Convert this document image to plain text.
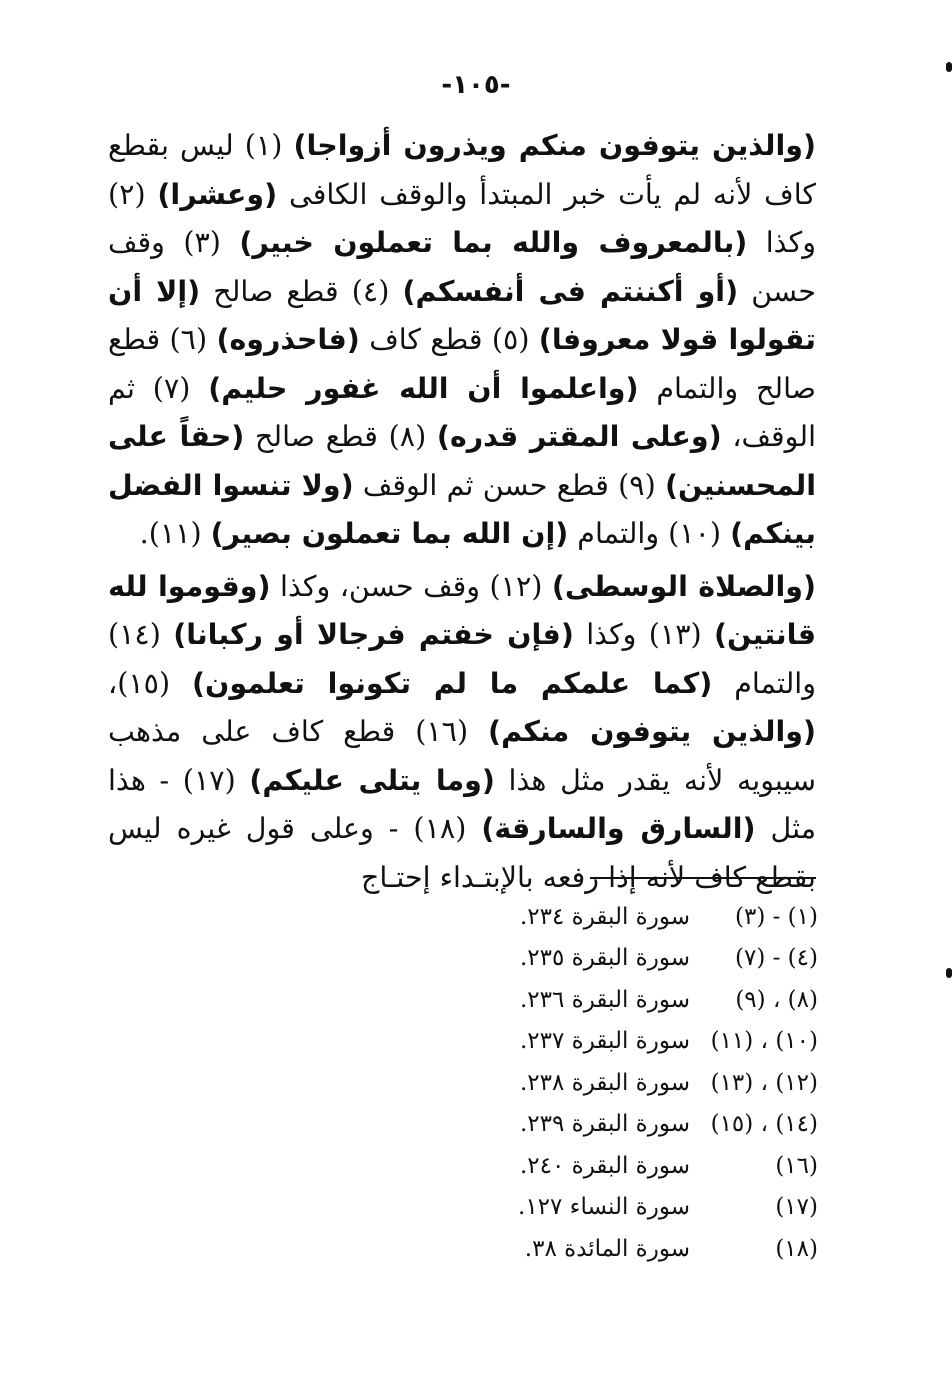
-١٠٥-

(والذين يتوفون منكم ويذرون أزواجا) (١) ليس بقطع كاف لأنه لم يأت خبر المبتدأ والوقف الكافى (وعشرا) (٢) وكذا (بالمعروف والله بما تعملون خبير) (٣) وقف حسن (أو أكننتم فى أنفسكم) (٤) قطع صالح (إلا أن تقولوا قولا معروفا) (٥) قطع كاف (فاحذروه) (٦) قطع صالح والتمام (واعلموا أن الله غفور حليم) (٧) ثم الوقف، (وعلى المقتر قدره) (٨) قطع صالح (حقاً على المحسنين) (٩) قطع حسن ثم الوقف (ولا تنسوا الفضل بينكم) (١٠) والتمام (إن الله بما تعملون بصير) (١١).

(والصلاة الوسطى) (١٢) وقف حسن، وكذا (وقوموا لله قانتين) (١٣) وكذا (فإن خفتم فرجالا أو ركبانا) (١٤) والتمام (كما علمكم ما لم تكونوا تعلمون) (١٥)، (والذين يتوفون منكم) (١٦) قطع كاف على مذهب سيبويه لأنه يقدر مثل هذا (وما يتلى عليكم) (١٧) - هذا مثل (السارق والسارقة) (١٨) - وعلى قول غيره ليس بقطع كاف لأنه إذا رفعه بالإبتـداء إحتـاج

(١) - (٣)
سورة البقرة ٢٣٤.
(٤) - (٧)
سورة البقرة ٢٣٥.
(٨) ، (٩)
سورة البقرة ٢٣٦.
(١٠) ، (١١)
سورة البقرة ٢٣٧.
(١٢) ، (١٣)
سورة البقرة ٢٣٨.
(١٤) ، (١٥)
سورة البقرة ٢٣٩.
(١٦)
سورة البقرة ٢٤٠.
(١٧)
سورة النساء ١٢٧.
(١٨)
سورة المائدة ٣٨.
